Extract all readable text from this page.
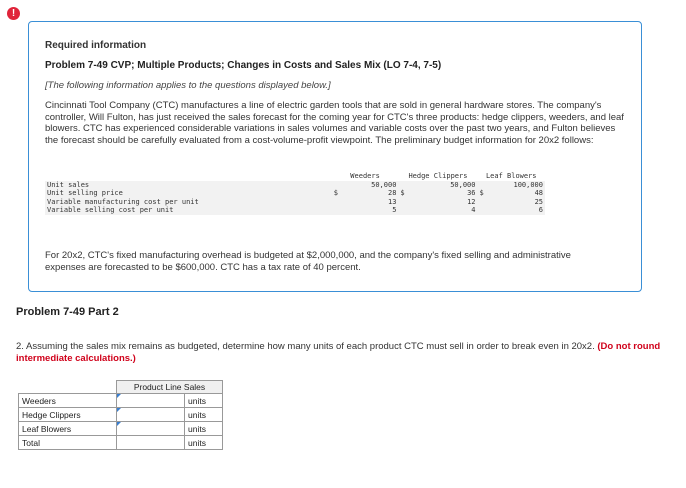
!
Required information
Problem 7-49 CVP; Multiple Products; Changes in Costs and Sales Mix (LO 7-4, 7-5)
[The following information applies to the questions displayed below.]

Cincinnati Tool Company (CTC) manufactures a line of electric garden tools that are sold in general hardware stores. The company's controller, Will Fulton, has just received the sales forecast for the coming year for CTC's three products: hedge clippers, weeders, and leaf blowers. CTC has experienced considerable variations in sales volumes and variable costs over the past two years, and Fulton believes the forecast should be carefully evaluated from a cost-volume-profit viewpoint. The preliminary budget information for 20x2 follows:

	Weeders		Hedge Clippers		Leaf Blowers	
Unit sales		50,000		50,000		100,000
Unit selling price	$	28	$	36	$	48
Variable manufacturing cost per unit		13		12		25
Variable selling cost per unit		5		4		6

For 20x2, CTC's fixed manufacturing overhead is budgeted at $2,000,000, and the company's fixed selling and administrative expenses are forecasted to be $600,000. CTC has a tax rate of 40 percent.

Problem 7-49 Part 2

2. Assuming the sales mix remains as budgeted, determine how many units of each product CTC must sell in order to break even in 20x2. (Do not round intermediate calculations.)

	Product Line Sales	
Weeders		units
Hedge Clippers		units
Leaf Blowers		units
Total		units
